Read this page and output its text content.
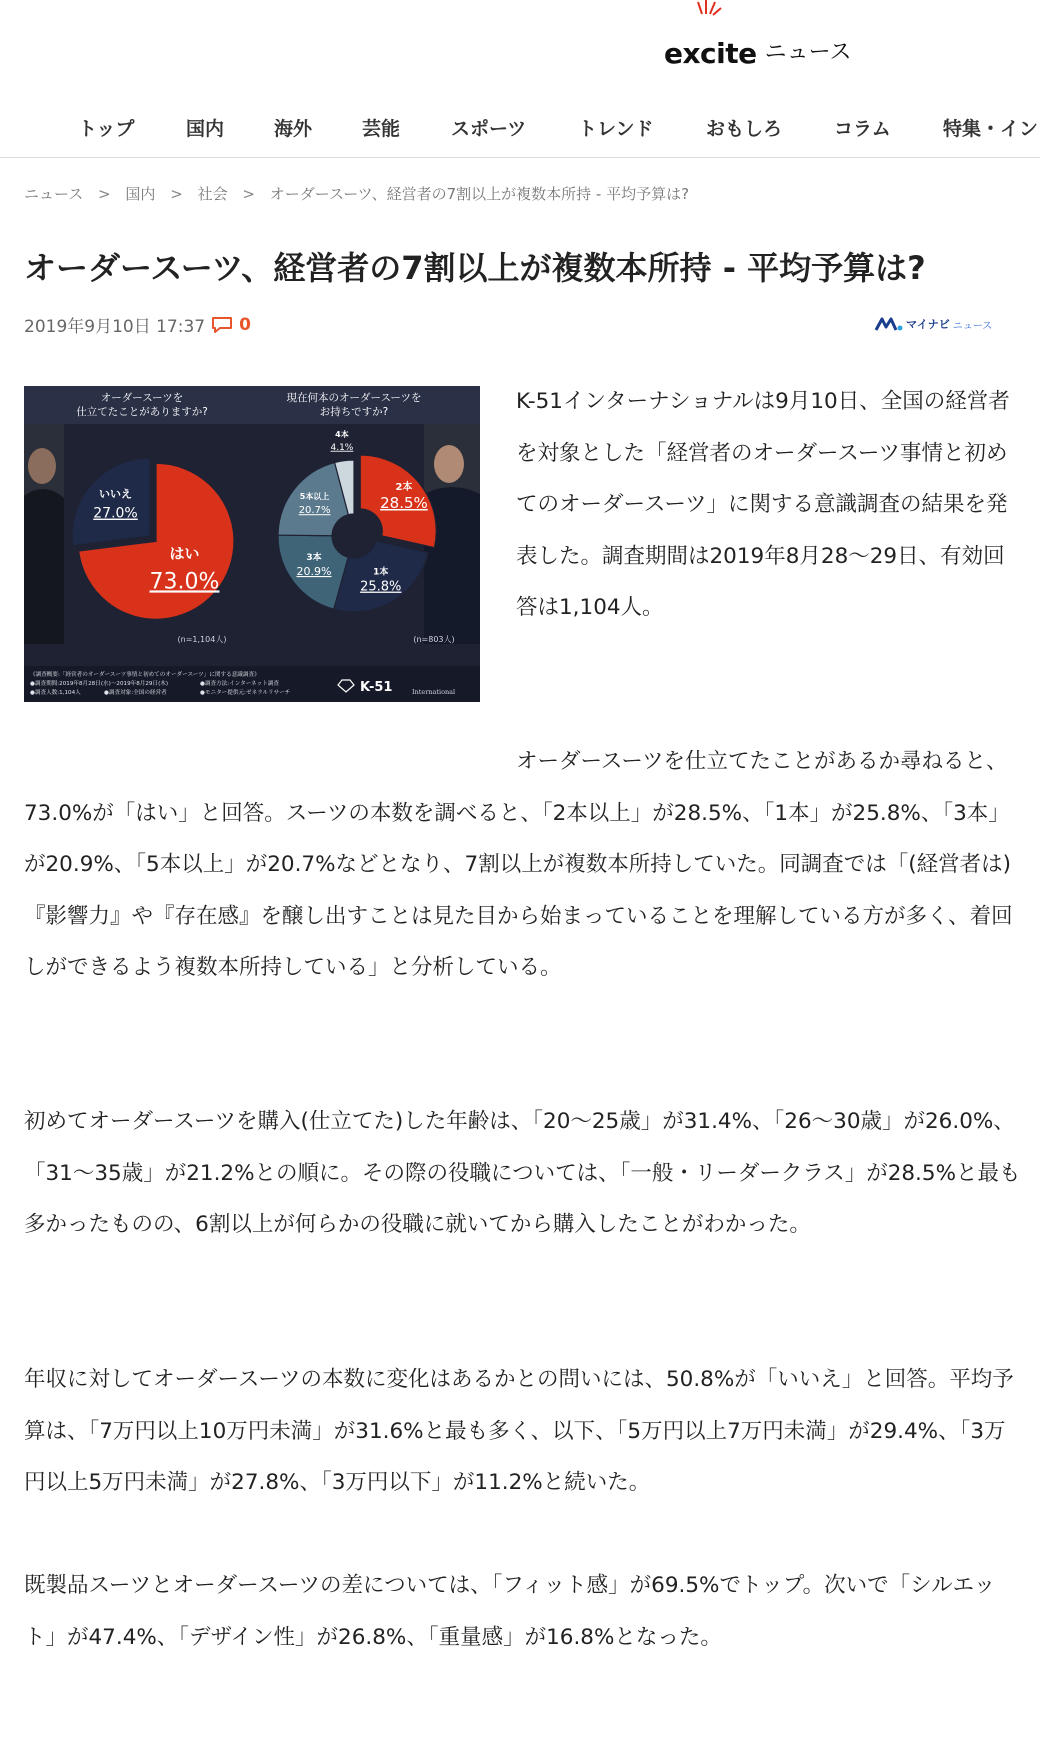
excite ニュース
トップ	国内	海外	芸能	スポーツ	トレンド	おもしろ	コラム	特集・イン
ニュース > 国内 > 社会 > オーダースーツ、経営者の7割以上が複数本所持 - 平均予算は?
オーダースーツ、経営者の7割以上が複数本所持 - 平均予算は?
2019年9月10日 17:37 0	マイナビ ニュース
オーダースーツを
仕立てたことがありますか?
現在何本のオーダースーツを
お持ちですか?
はい
73.0%
いいえ
27.0%
2本
28.5%
1本
25.8%
3本
20.9%
5本以上
20.7%
4本
4.1%
(n=1,104人)	(n=803人)
《調査概要:「経営者のオーダースーツ事情と初めてのオーダースーツ」に関する意識調査》
●調査期間:2019年8月28日(水)〜2019年8月29日(木)	●調査方法:インターネット調査
●調査人数:1,104人	●調査対象:全国の経営者	●モニター提供元:ゼネラルリサーチ	K-51	International

K-51インターナショナルは9月10日、全国の経営者を対象とした「経営者のオーダースーツ事情と初めてのオーダースーツ」に関する意識調査の結果を発表した。調査期間は2019年8月28〜29日、有効回答は1,104人。

オーダースーツを仕立てたことがあるか尋ねると、73.0%が「はい」と回答。スーツの本数を調べると、「2本以上」が28.5%、「1本」が25.8%、「3本」が20.9%、「5本以上」が20.7%などとなり、7割以上が複数本所持していた。同調査では「(経営者は)『影響力』や『存在感』を醸し出すことは見た目から始まっていることを理解している方が多く、着回しができるよう複数本所持している」と分析している。

初めてオーダースーツを購入(仕立てた)した年齢は、「20〜25歳」が31.4%、「26〜30歳」が26.0%、「31〜35歳」が21.2%との順に。その際の役職については、「一般・リーダークラス」が28.5%と最も多かったものの、6割以上が何らかの役職に就いてから購入したことがわかった。

年収に対してオーダースーツの本数に変化はあるかとの問いには、50.8%が「いいえ」と回答。平均予算は、「7万円以上10万円未満」が31.6%と最も多く、以下、「5万円以上7万円未満」が29.4%、「3万円以上5万円未満」が27.8%、「3万円以下」が11.2%と続いた。

既製品スーツとオーダースーツの差については、「フィット感」が69.5%でトップ。次いで「シルエット」が47.4%、「デザイン性」が26.8%、「重量感」が16.8%となった。
